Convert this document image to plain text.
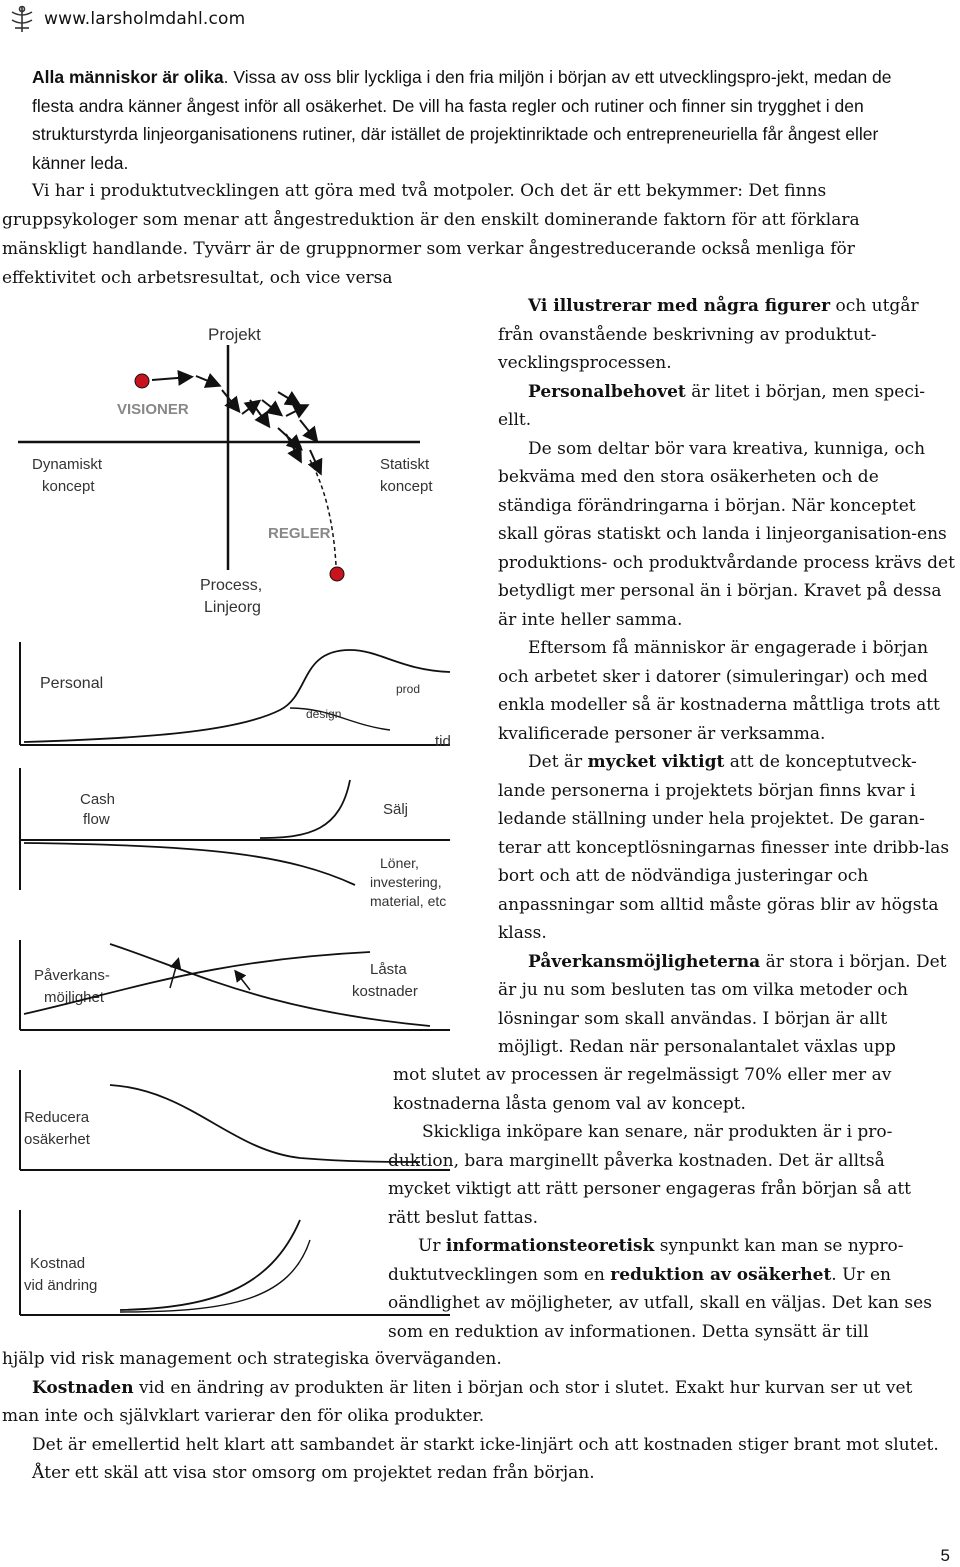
www.larsholmdahl.com

Alla människor är olika. Vissa av oss blir lyckliga i den fria miljön i början av ett utvecklingspro-jekt, medan de flesta andra känner ångest inför all osäkerhet. De vill ha fasta regler och rutiner och finner sin trygghet i den strukturstyrda linjeorganisationens rutiner, där istället de projektinriktade och entrepreneuriella får ångest eller känner leda.

Vi har i produktutvecklingen att göra med två motpoler. Och det är ett bekymmer: Det finns gruppsykologer som menar att ångestreduktion är den enskilt dominerande faktorn för att förklara mänskligt handlande. Tyvärr är de gruppnormer som verkar ångestreducerande också menliga för effektivitet och arbetsresultat, och vice versa

Vi illustrerar med några figurer och utgår från ovanstående beskrivning av produktut-vecklingsprocessen.

Personalbehovet är litet i början, men speci-ellt.

De som deltar bör vara kreativa, kunniga, och bekväma med den stora osäkerheten och de ständiga förändringarna i början. När konceptet skall göras statiskt och landa i linjeorganisation-ens produktions- och produktvårdande process krävs det betydligt mer personal än i början. Kravet på dessa är inte heller samma.

Eftersom få människor är engagerade i början och arbetet sker i datorer (simuleringar) och med enkla modeller så är kostnaderna måttliga trots att kvalificerade personer är verksamma.

Det är mycket viktigt att de konceptutveck-lande personerna i projektets början finns kvar i ledande ställning under hela projektet. De garan-terar att konceptlösningarnas finesser inte dribb-las bort och att de nödvändiga justeringar och anpassningar som alltid måste göras blir av högsta klass.

Påverkansmöjligheterna är stora i början. Det är ju nu som besluten tas om vilka metoder och lösningar som skall användas. I början är allt möjligt. Redan när personalantalet växlas upp

mot slutet av processen är regelmässigt 70% eller mer av kostnaderna låsta genom val av koncept.

Skickliga inköpare kan senare, när produkten är i pro-duktion, bara marginellt påverka kostnaden. Det är alltså mycket viktigt att rätt personer engageras från början så att rätt beslut fattas.

Ur informationsteoretisk synpunkt kan man se nypro-duktutvecklingen som en reduktion av osäkerhet. Ur en oändlighet av möjligheter, av utfall, skall en väljas. Det kan ses som en reduktion av informationen. Detta synsätt är till

hjälp vid risk management och strategiska överväganden.

Kostnaden vid en ändring av produkten är liten i början och stor i slutet. Exakt hur kurvan ser ut vet man inte och självklart varierar den för olika produkter.

Det är emellertid helt klart att sambandet är starkt icke-linjärt och att kostnaden stiger brant mot slutet.

Åter ett skäl att visa stor omsorg om projektet redan från början.

Projekt
VISIONER
Dynamiskt
koncept
Statiskt
koncept
REGLER
Process,
Linjeorg
Personal	prod
design
tid
Cash
flow
Sälj
Löner,
investering,
material, etc
Påverkans-
möjlighet
Låsta
kostnader
Reducera
osäkerhet
Kostnad
vid ändring
5
